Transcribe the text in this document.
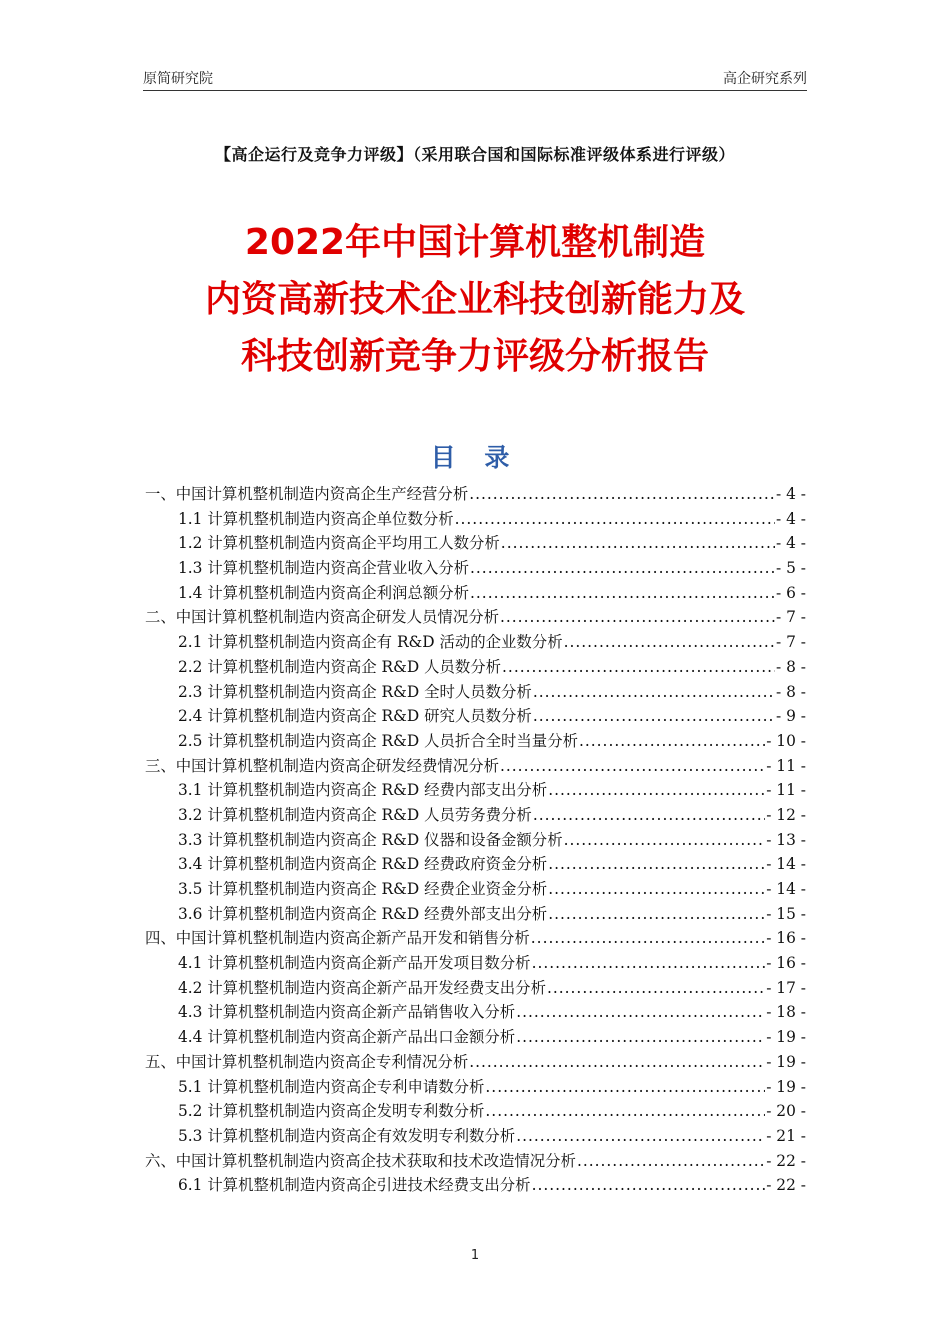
原简研究院	高企研究系列
【高企运行及竞争力评级】（采用联合国和国际标准评级体系进行评级）
2022年中国计算机整机制造
内资高新技术企业科技创新能力及
科技创新竞争力评级分析报告
目 录
一、中国计算机整机制造内资高企生产经营分析 .....	- 4 -
1.1 计算机整机制造内资高企单位数分析 .....	- 4 -
1.2 计算机整机制造内资高企平均用工人数分析 .....	- 4 -
1.3 计算机整机制造内资高企营业收入分析 .....	- 5 -
1.4 计算机整机制造内资高企利润总额分析 .....	- 6 -
二、中国计算机整机制造内资高企研发人员情况分析 .....	- 7 -
2.1 计算机整机制造内资高企有 R&D 活动的企业数分析 .....	- 7 -
2.2 计算机整机制造内资高企 R&D 人员数分析 .....	- 8 -
2.3 计算机整机制造内资高企 R&D 全时人员数分析 .....	- 8 -
2.4 计算机整机制造内资高企 R&D 研究人员数分析 .....	- 9 -
2.5 计算机整机制造内资高企 R&D 人员折合全时当量分析 .....	- 10 -
三、中国计算机整机制造内资高企研发经费情况分析 .....	- 11 -
3.1 计算机整机制造内资高企 R&D 经费内部支出分析 .....	- 11 -
3.2 计算机整机制造内资高企 R&D 人员劳务费分析 .....	- 12 -
3.3 计算机整机制造内资高企 R&D 仪器和设备金额分析 .....	- 13 -
3.4 计算机整机制造内资高企 R&D 经费政府资金分析 .....	- 14 -
3.5 计算机整机制造内资高企 R&D 经费企业资金分析 .....	- 14 -
3.6 计算机整机制造内资高企 R&D 经费外部支出分析 .....	- 15 -
四、中国计算机整机制造内资高企新产品开发和销售分析 .....	- 16 -
4.1 计算机整机制造内资高企新产品开发项目数分析 .....	- 16 -
4.2 计算机整机制造内资高企新产品开发经费支出分析 .....	- 17 -
4.3 计算机整机制造内资高企新产品销售收入分析 .....	- 18 -
4.4 计算机整机制造内资高企新产品出口金额分析 .....	- 19 -
五、中国计算机整机制造内资高企专利情况分析 .....	- 19 -
5.1 计算机整机制造内资高企专利申请数分析 .....	- 19 -
5.2 计算机整机制造内资高企发明专利数分析 .....	- 20 -
5.3 计算机整机制造内资高企有效发明专利数分析 .....	- 21 -
六、中国计算机整机制造内资高企技术获取和技术改造情况分析 .....	- 22 -
6.1 计算机整机制造内资高企引进技术经费支出分析 .....	- 22 -
1
